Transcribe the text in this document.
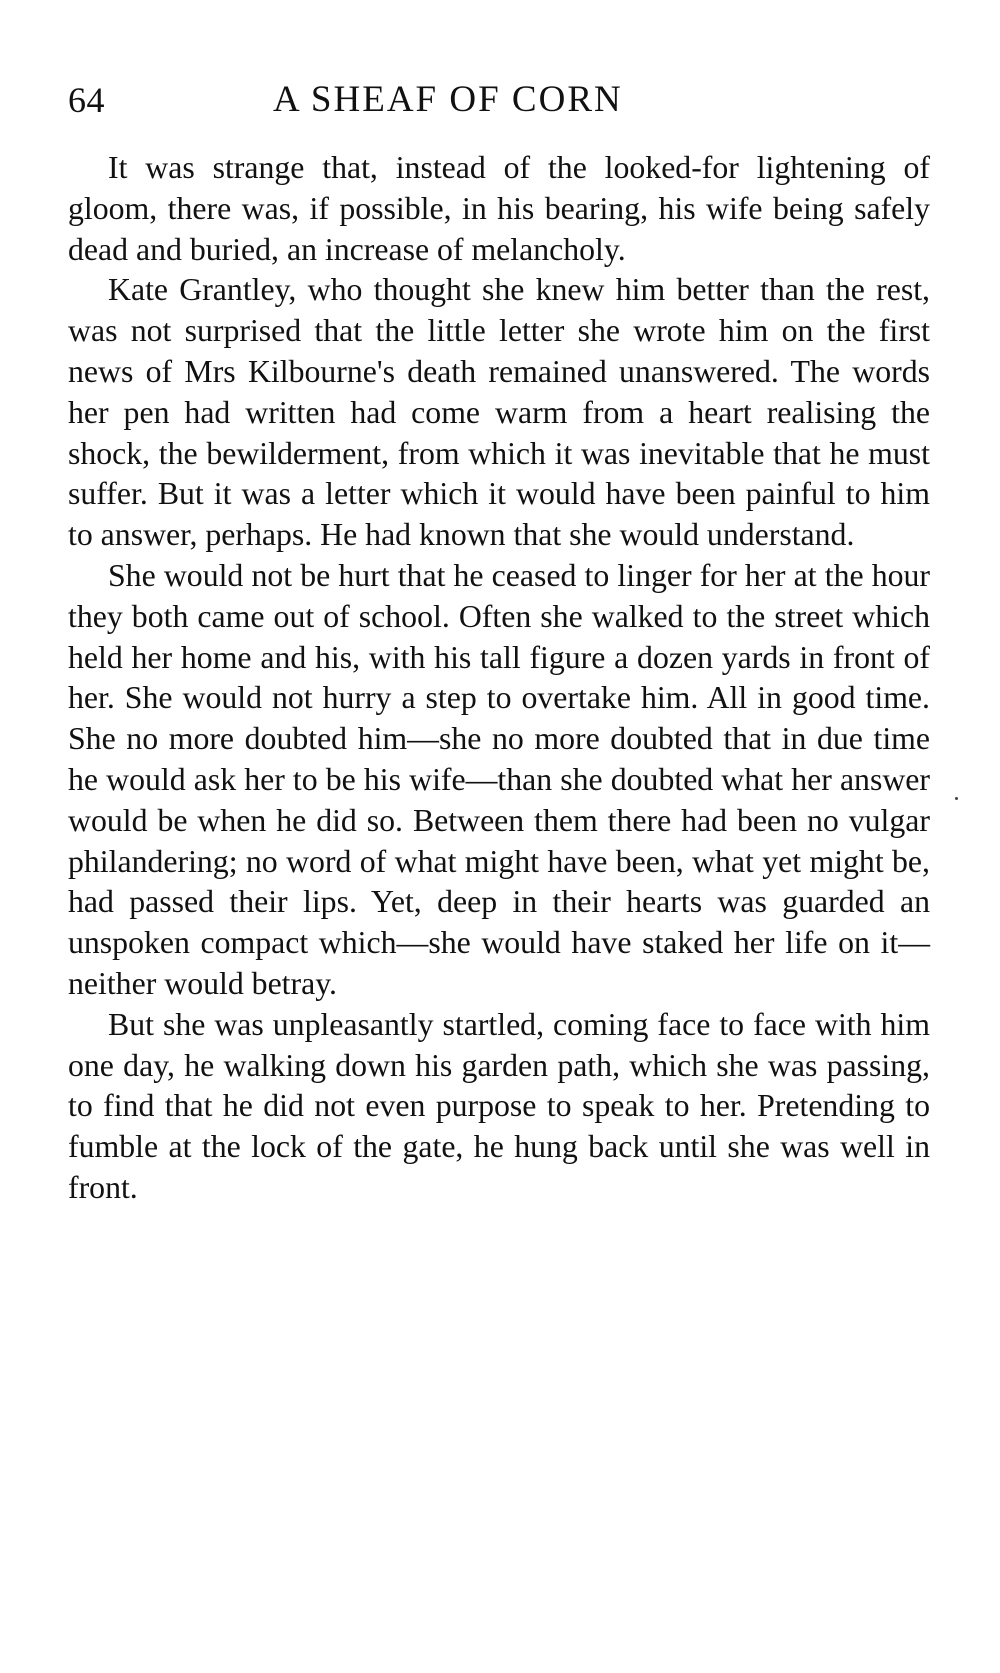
64	A SHEAF OF CORN

It was strange that, instead of the looked-for lightening of gloom, there was, if possible, in his bearing, his wife being safely dead and buried, an increase of melancholy.

Kate Grantley, who thought she knew him better than the rest, was not surprised that the little letter she wrote him on the first news of Mrs Kilbourne's death remained unanswered. The words her pen had written had come warm from a heart realising the shock, the bewilderment, from which it was inevitable that he must suffer. But it was a letter which it would have been painful to him to answer, perhaps. He had known that she would understand.

She would not be hurt that he ceased to linger for her at the hour they both came out of school. Often she walked to the street which held her home and his, with his tall figure a dozen yards in front of her. She would not hurry a step to overtake him. All in good time. She no more doubted him—she no more doubted that in due time he would ask her to be his wife—than she doubted what her answer would be when he did so. Between them there had been no vulgar philandering; no word of what might have been, what yet might be, had passed their lips. Yet, deep in their hearts was guarded an unspoken compact which—she would have staked her life on it—neither would betray.

But she was unpleasantly startled, coming face to face with him one day, he walking down his garden path, which she was passing, to find that he did not even purpose to speak to her. Pretending to fumble at the lock of the gate, he hung back until she was well in front.
